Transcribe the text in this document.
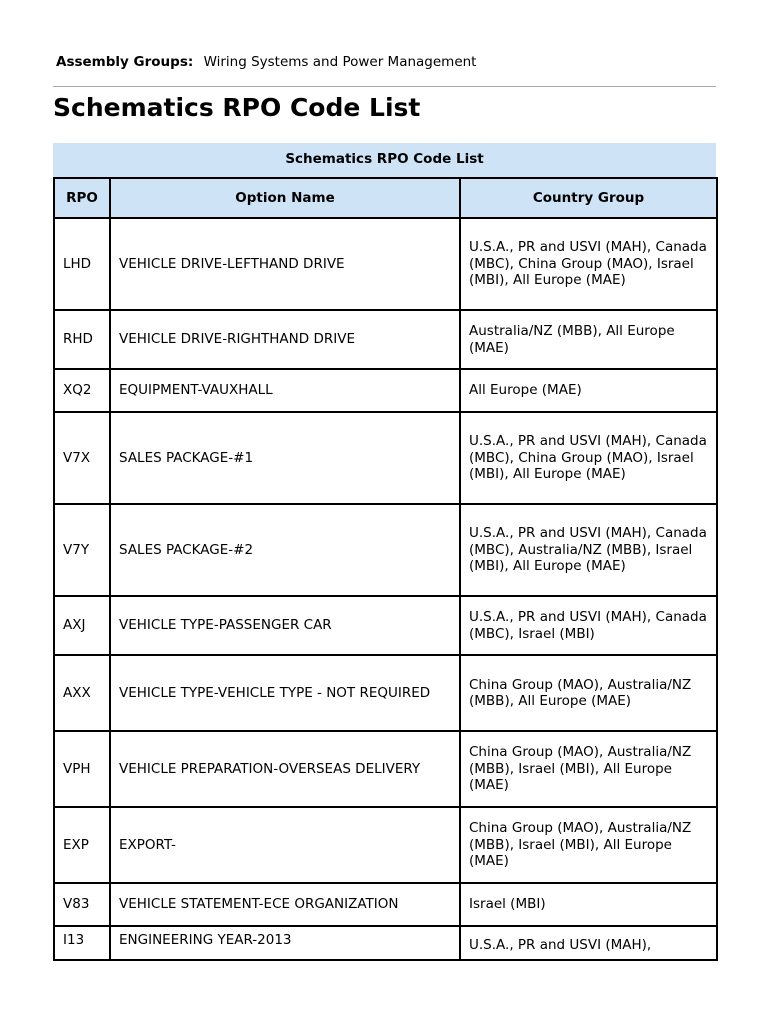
Assembly Groups: Wiring Systems and Power Management
Schematics RPO Code List
Schematics RPO Code List
RPO	Option Name	Country Group
LHD	VEHICLE DRIVE-LEFTHAND DRIVE	U.S.A., PR and USVI (MAH), Canada (MBC), China Group (MAO), Israel (MBI), All Europe (MAE)
RHD	VEHICLE DRIVE-RIGHTHAND DRIVE	Australia/NZ (MBB), All Europe (MAE)
XQ2	EQUIPMENT-VAUXHALL	All Europe (MAE)
V7X	SALES PACKAGE-#1	U.S.A., PR and USVI (MAH), Canada (MBC), China Group (MAO), Israel (MBI), All Europe (MAE)
V7Y	SALES PACKAGE-#2	U.S.A., PR and USVI (MAH), Canada (MBC), Australia/NZ (MBB), Israel (MBI), All Europe (MAE)
AXJ	VEHICLE TYPE-PASSENGER CAR	U.S.A., PR and USVI (MAH), Canada (MBC), Israel (MBI)
AXX	VEHICLE TYPE-VEHICLE TYPE - NOT REQUIRED	China Group (MAO), Australia/NZ (MBB), All Europe (MAE)
VPH	VEHICLE PREPARATION-OVERSEAS DELIVERY	China Group (MAO), Australia/NZ (MBB), Israel (MBI), All Europe (MAE)
EXP	EXPORT-	China Group (MAO), Australia/NZ (MBB), Israel (MBI), All Europe (MAE)
V83	VEHICLE STATEMENT-ECE ORGANIZATION	Israel (MBI)
I13	ENGINEERING YEAR-2013	U.S.A., PR and USVI (MAH),
